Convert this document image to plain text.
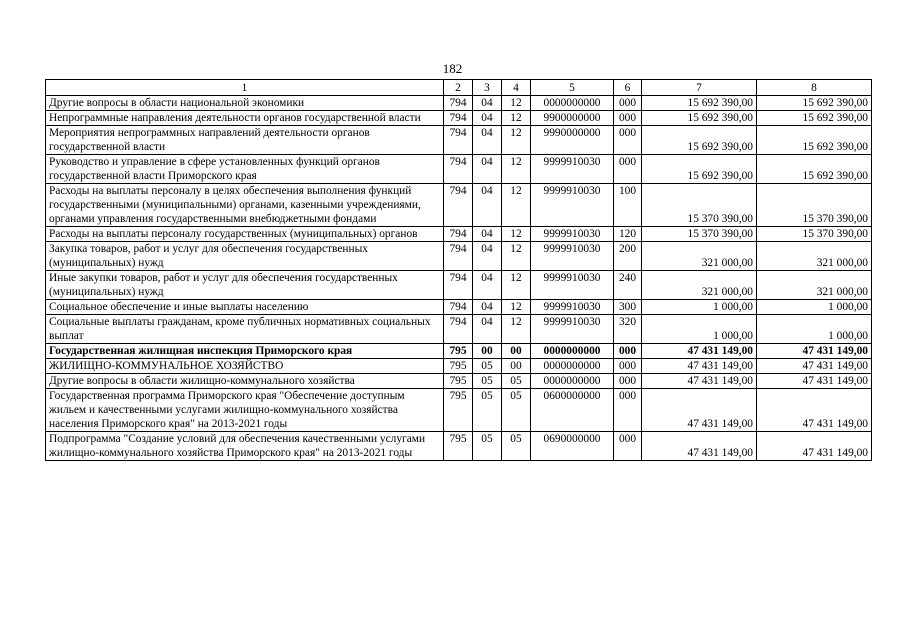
182
1	2	3	4	5	6	7	8
Другие вопросы в области национальной экономики	794	04	12	0000000000	000	15 692 390,00	15 692 390,00
Непрограммные направления деятельности органов государственной власти	794	04	12	9900000000	000	15 692 390,00	15 692 390,00
Мероприятия непрограммных направлений деятельности органов государственной власти	794	04	12	9990000000	000	15 692 390,00	15 692 390,00
Руководство и управление в сфере установленных функций органов государственной власти Приморского края	794	04	12	9999910030	000	15 692 390,00	15 692 390,00
Расходы на выплаты персоналу в целях обеспечения выполнения функций государственными (муниципальными) органами, казенными учреждениями, органами управления государственными внебюджетными фондами	794	04	12	9999910030	100	15 370 390,00	15 370 390,00
Расходы на выплаты персоналу государственных (муниципальных) органов	794	04	12	9999910030	120	15 370 390,00	15 370 390,00
Закупка товаров, работ и услуг для обеспечения государственных (муниципальных) нужд	794	04	12	9999910030	200	321 000,00	321 000,00
Иные закупки товаров, работ и услуг для обеспечения государственных (муниципальных) нужд	794	04	12	9999910030	240	321 000,00	321 000,00
Социальное обеспечение и иные выплаты населению	794	04	12	9999910030	300	1 000,00	1 000,00
Социальные выплаты гражданам, кроме публичных нормативных социальных выплат	794	04	12	9999910030	320	1 000,00	1 000,00
Государственная жилищная инспекция Приморского края	795	00	00	0000000000	000	47 431 149,00	47 431 149,00
ЖИЛИЩНО-КОММУНАЛЬНОЕ ХОЗЯЙСТВО	795	05	00	0000000000	000	47 431 149,00	47 431 149,00
Другие вопросы в области жилищно-коммунального хозяйства	795	05	05	0000000000	000	47 431 149,00	47 431 149,00
Государственная программа Приморского края "Обеспечение доступным жильем и качественными услугами жилищно-коммунального хозяйства населения Приморского края" на 2013-2021 годы	795	05	05	0600000000	000	47 431 149,00	47 431 149,00
Подпрограмма "Создание условий для обеспечения качественными услугами жилищно-коммунального хозяйства Приморского края" на 2013-2021 годы	795	05	05	0690000000	000	47 431 149,00	47 431 149,00
